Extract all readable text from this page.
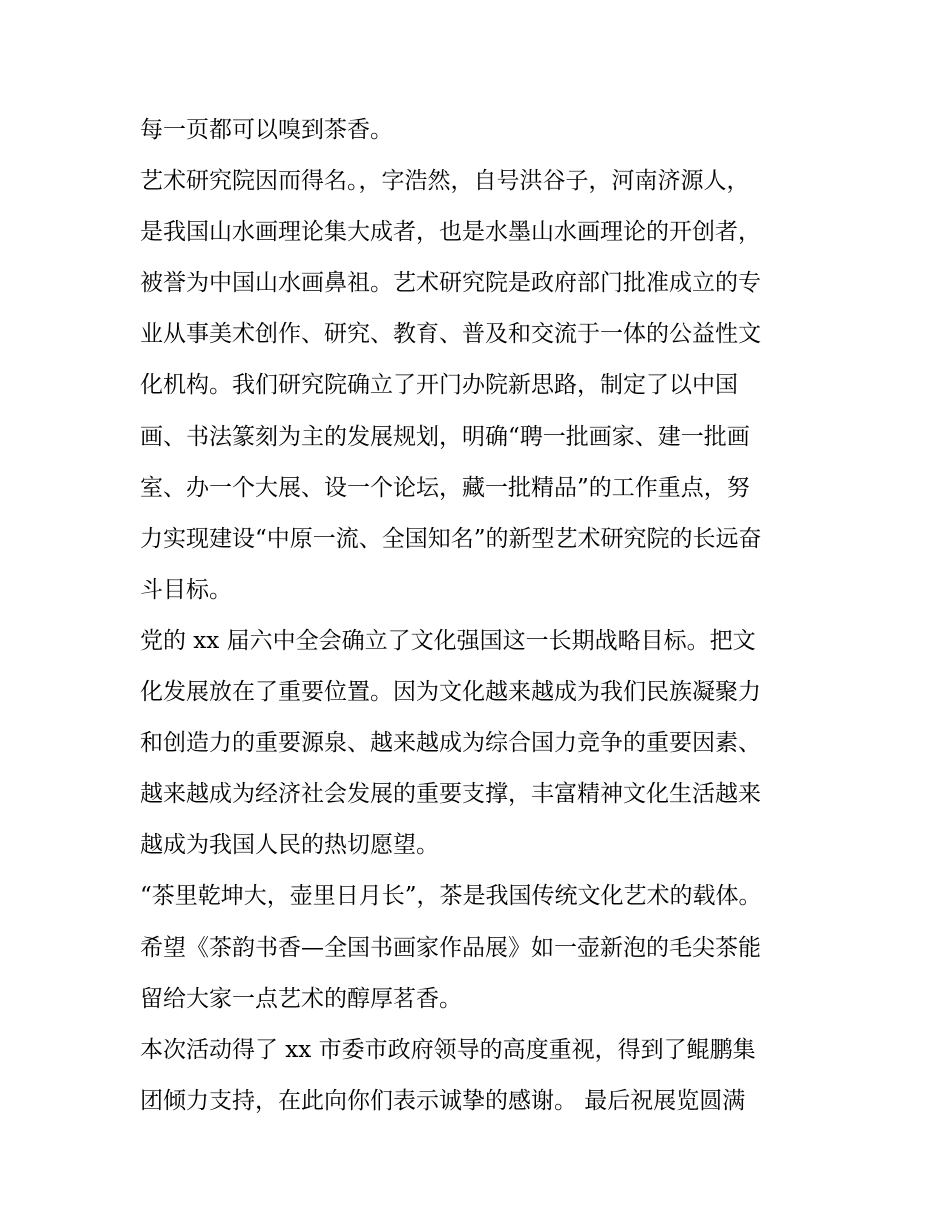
每一页都可以嗅到茶香。
艺术研究院因而得名。，字浩然，自号洪谷子，河南济源人，
是我国山水画理论集大成者，也是水墨山水画理论的开创者，
被誉为中国山水画鼻祖。艺术研究院是政府部门批准成立的专
业从事美术创作、研究、教育、普及和交流于一体的公益性文
化机构。我们研究院确立了开门办院新思路，制定了以中国
画、书法篆刻为主的发展规划，明确“聘一批画家、建一批画
室、办一个大展、设一个论坛，藏一批精品”的工作重点，努
力实现建设“中原一流、全国知名”的新型艺术研究院的长远奋
斗目标。
党的 xx 届六中全会确立了文化强国这一长期战略目标。把文
化发展放在了重要位置。因为文化越来越成为我们民族凝聚力
和创造力的重要源泉、越来越成为综合国力竞争的重要因素、
越来越成为经济社会发展的重要支撑，丰富精神文化生活越来
越成为我国人民的热切愿望。
“茶里乾坤大，壶里日月长”，茶是我国传统文化艺术的载体。
希望《茶韵书香—全国书画家作品展》如一壶新泡的毛尖茶能
留给大家一点艺术的醇厚茗香。
本次活动得了 xx 市委市政府领导的高度重视，得到了鲲鹏集
团倾力支持，在此向你们表示诚挚的感谢。 最后祝展览圆满
